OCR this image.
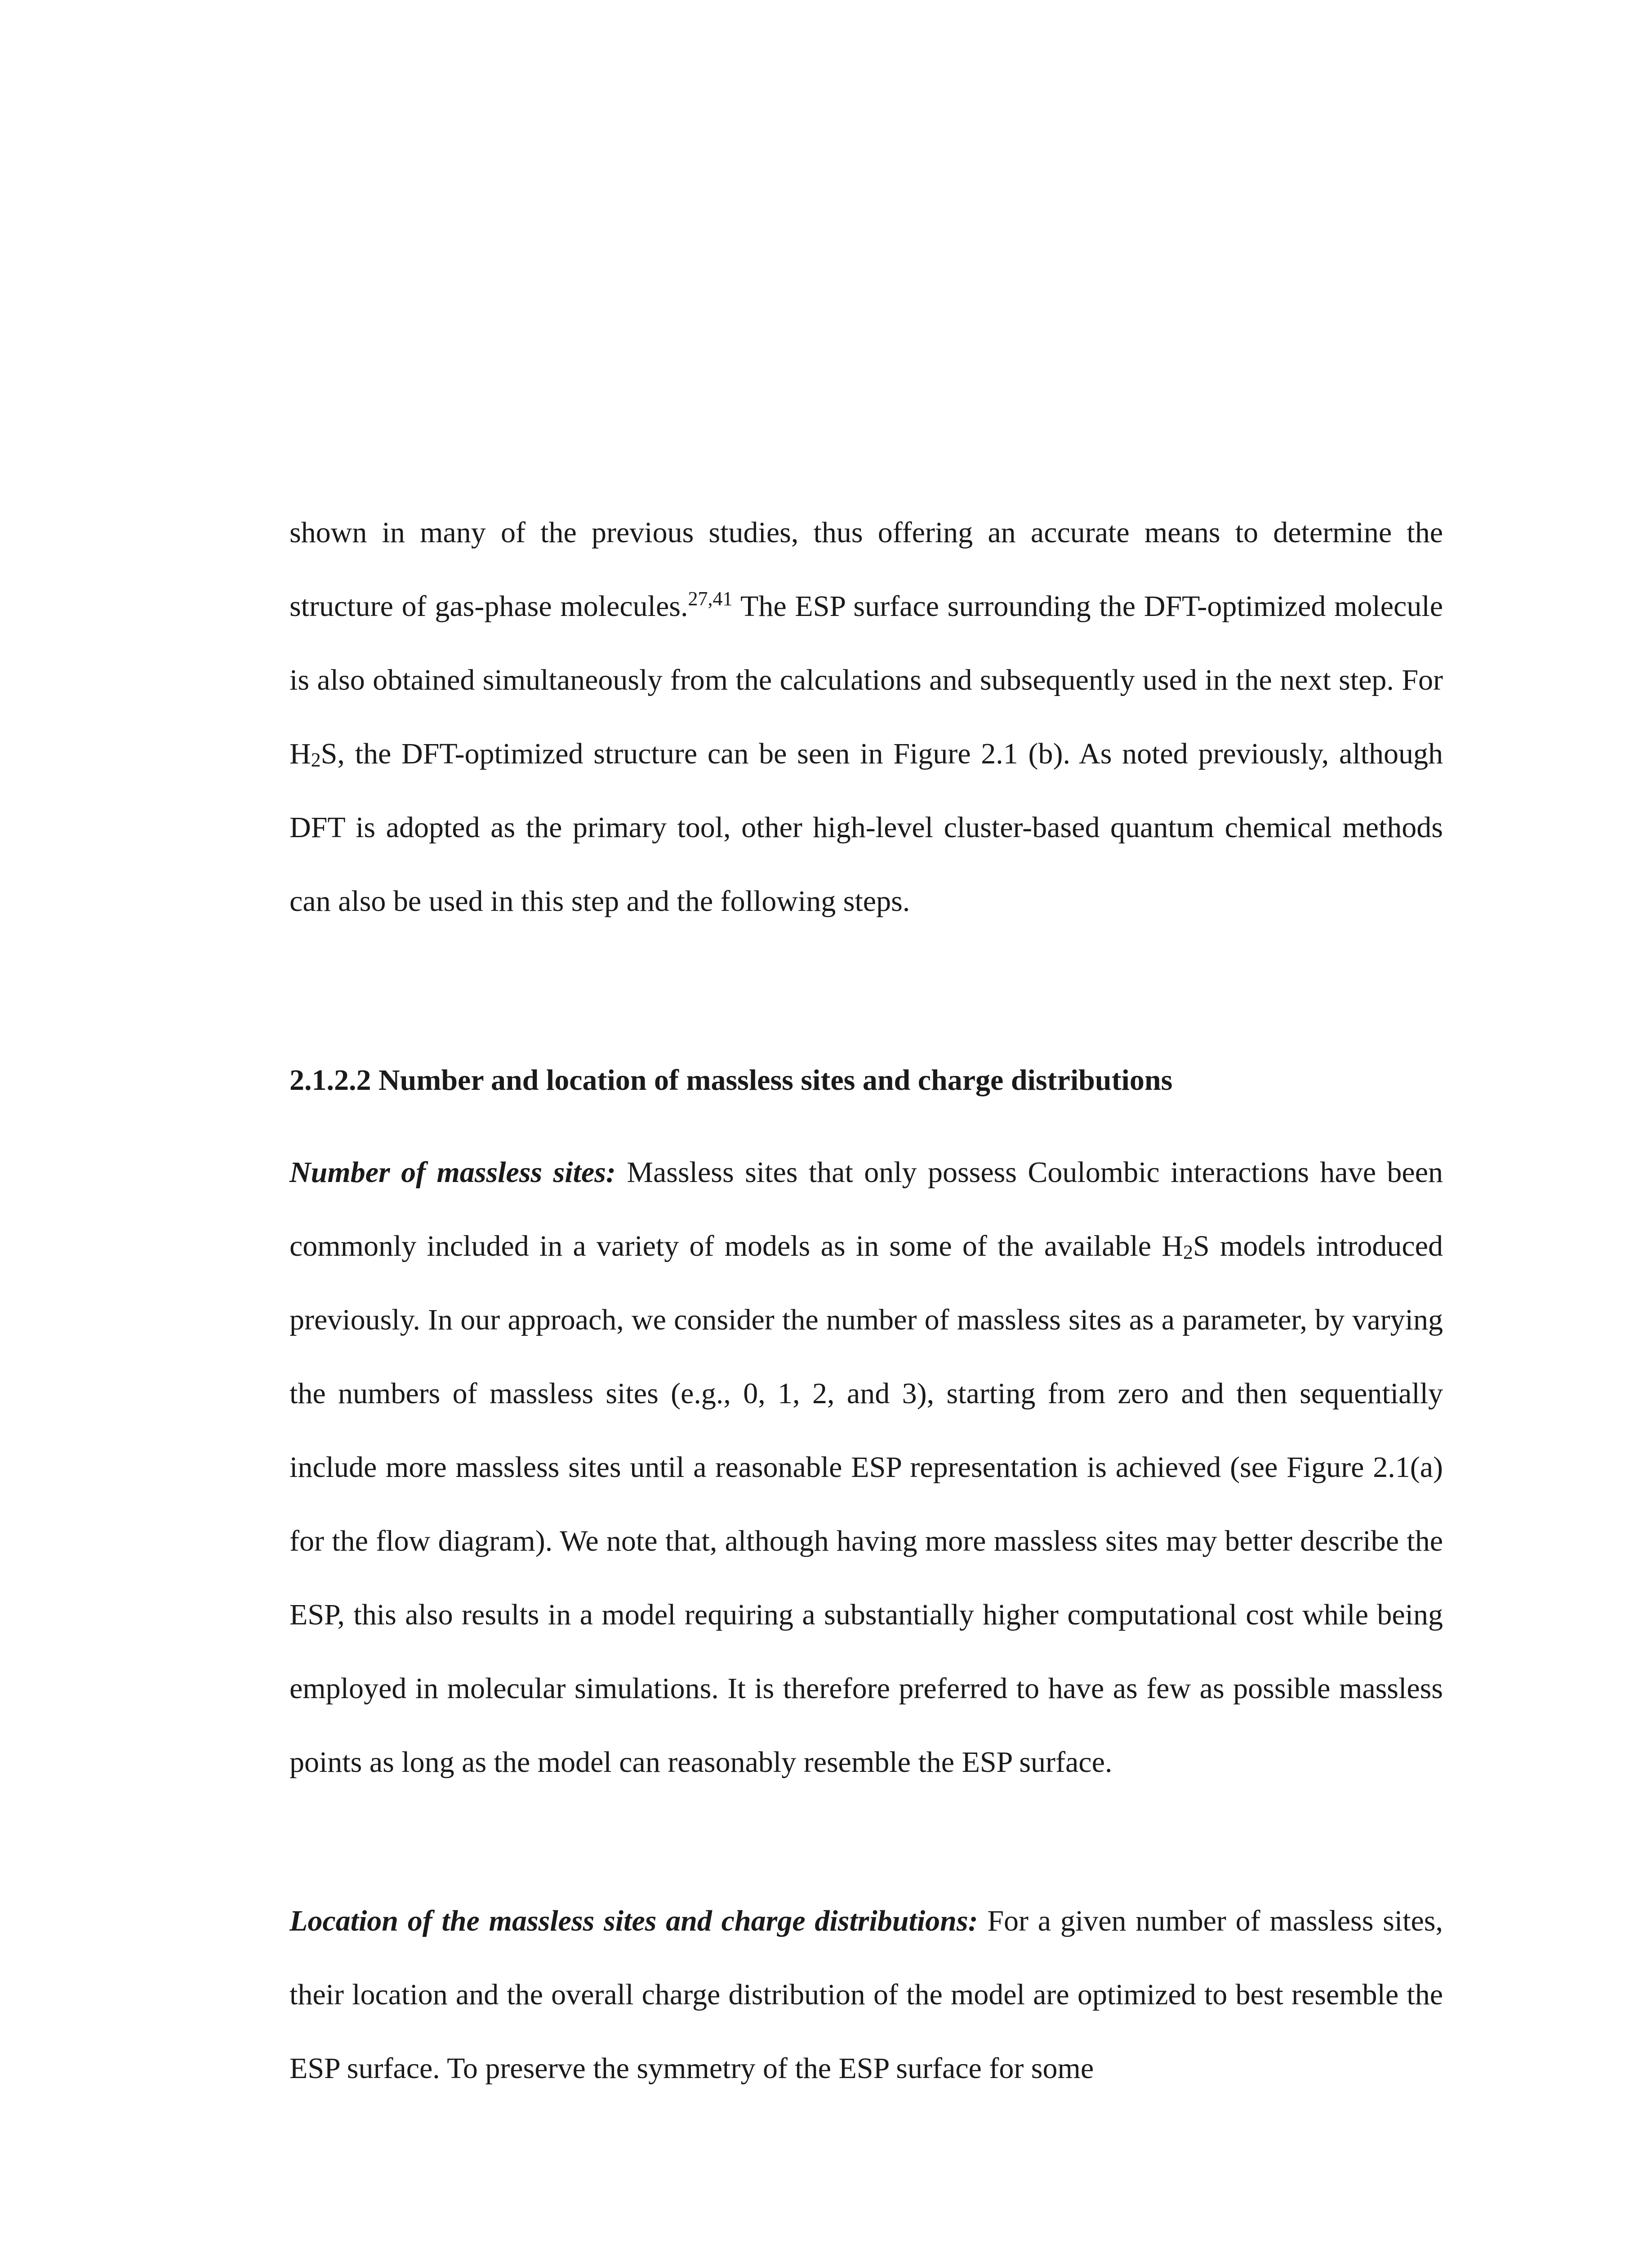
shown in many of the previous studies, thus offering an accurate means to determine the structure of gas-phase molecules.$^{27,41}$ The ESP surface surrounding the DFT-optimized molecule is also obtained simultaneously from the calculations and subsequently used in the next step. For $H_2S$, the DFT-optimized structure can be seen in Figure 2.1 (b). As noted previously, although DFT is adopted as the primary tool, other high-level cluster-based quantum chemical methods can also be used in this step and the following steps.

2.1.2.2 Number and location of massless sites and charge distributions

Number of massless sites: Massless sites that only possess Coulombic interactions have been commonly included in a variety of models as in some of the available $H_2S$ models introduced previously. In our approach, we consider the number of massless sites as a parameter, by varying the numbers of massless sites (e.g., 0, 1, 2, and 3), starting from zero and then sequentially include more massless sites until a reasonable ESP representation is achieved (see Figure 2.1(a) for the flow diagram). We note that, although having more massless sites may better describe the ESP, this also results in a model requiring a substantially higher computational cost while being employed in molecular simulations. It is therefore preferred to have as few as possible massless points as long as the model can reasonably resemble the ESP surface.

Location of the massless sites and charge distributions: For a given number of massless sites, their location and the overall charge distribution of the model are optimized to best resemble the ESP surface. To preserve the symmetry of the ESP surface for some
